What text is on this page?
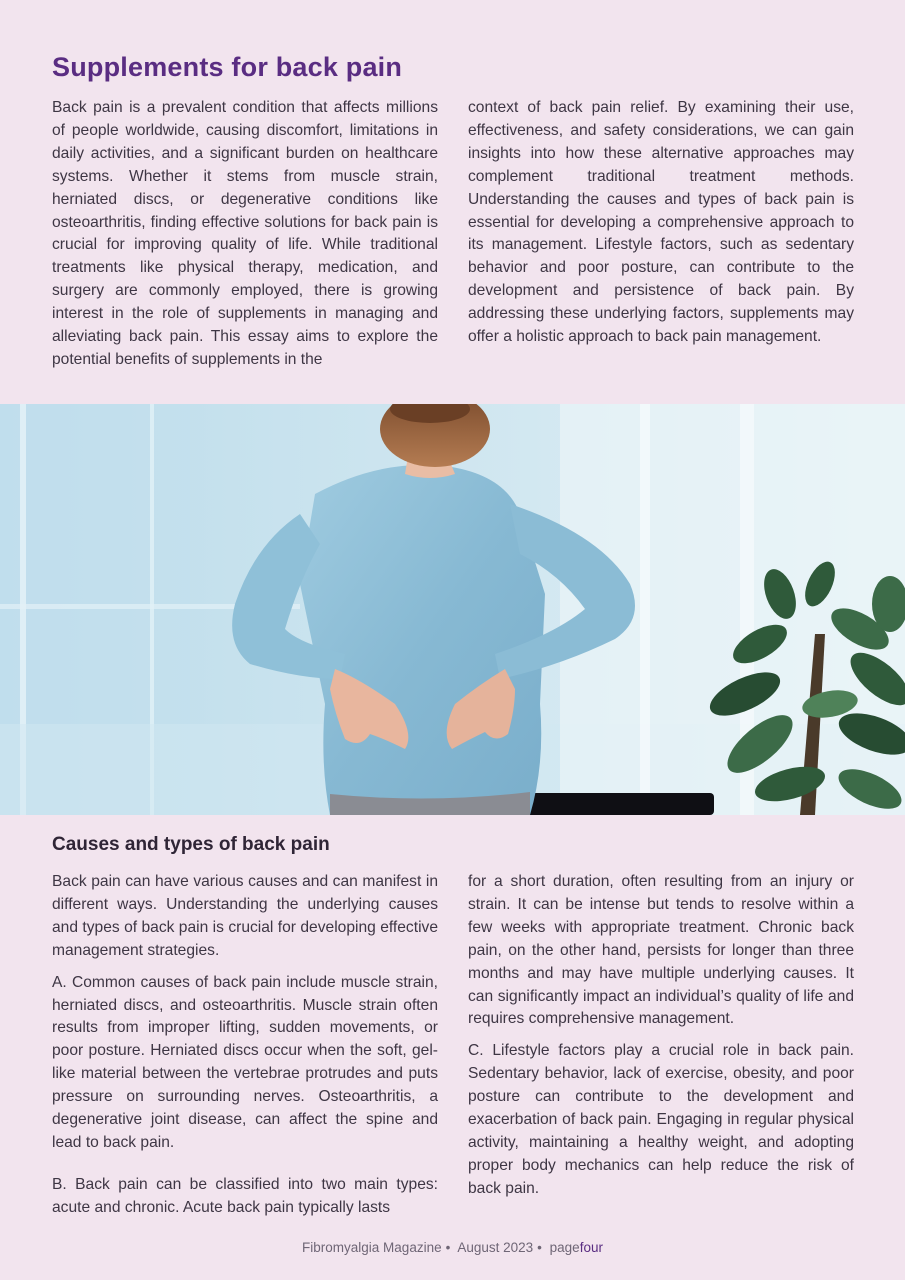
Supplements for back pain

Back pain is a prevalent condition that affects millions of people worldwide, causing discomfort, limitations in daily activities, and a significant burden on healthcare systems. Whether it stems from muscle strain, herniated discs, or degenerative conditions like osteoarthritis, finding effective solutions for back pain is crucial for improving quality of life. While traditional treatments like physical therapy, medication, and surgery are commonly employed, there is growing interest in the role of supplements in managing and alleviating back pain. This essay aims to explore the potential benefits of supplements in the

context of back pain relief. By examining their use, effectiveness, and safety considerations, we can gain insights into how these alternative approaches may complement traditional treatment methods. Understanding the causes and types of back pain is essential for developing a comprehensive approach to its management. Lifestyle factors, such as sedentary behavior and poor posture, can contribute to the development and persistence of back pain. By addressing these underlying factors, supplements may offer a holistic approach to back pain management.

Causes and types of back pain

Back pain can have various causes and can manifest in different ways. Understanding the underlying causes and types of back pain is crucial for developing effective management strategies.

A. Common causes of back pain include muscle strain, herniated discs, and osteoarthritis. Muscle strain often results from improper lifting, sudden movements, or poor posture. Herniated discs occur when the soft, gel-like material between the vertebrae protrudes and puts pressure on surrounding nerves. Osteoarthritis, a degenerative joint disease, can affect the spine and lead to back pain.

B. Back pain can be classified into two main types: acute and chronic. Acute back pain typically lasts

for a short duration, often resulting from an injury or strain. It can be intense but tends to resolve within a few weeks with appropriate treatment. Chronic back pain, on the other hand, persists for longer than three months and may have multiple underlying causes. It can significantly impact an individual’s quality of life and requires comprehensive management.

C. Lifestyle factors play a crucial role in back pain. Sedentary behavior, lack of exercise, obesity, and poor posture can contribute to the development and exacerbation of back pain. Engaging in regular physical activity, maintaining a healthy weight, and adopting proper body mechanics can help reduce the risk of back pain.

Fibromyalgia Magazine • August 2023 • pagefour
